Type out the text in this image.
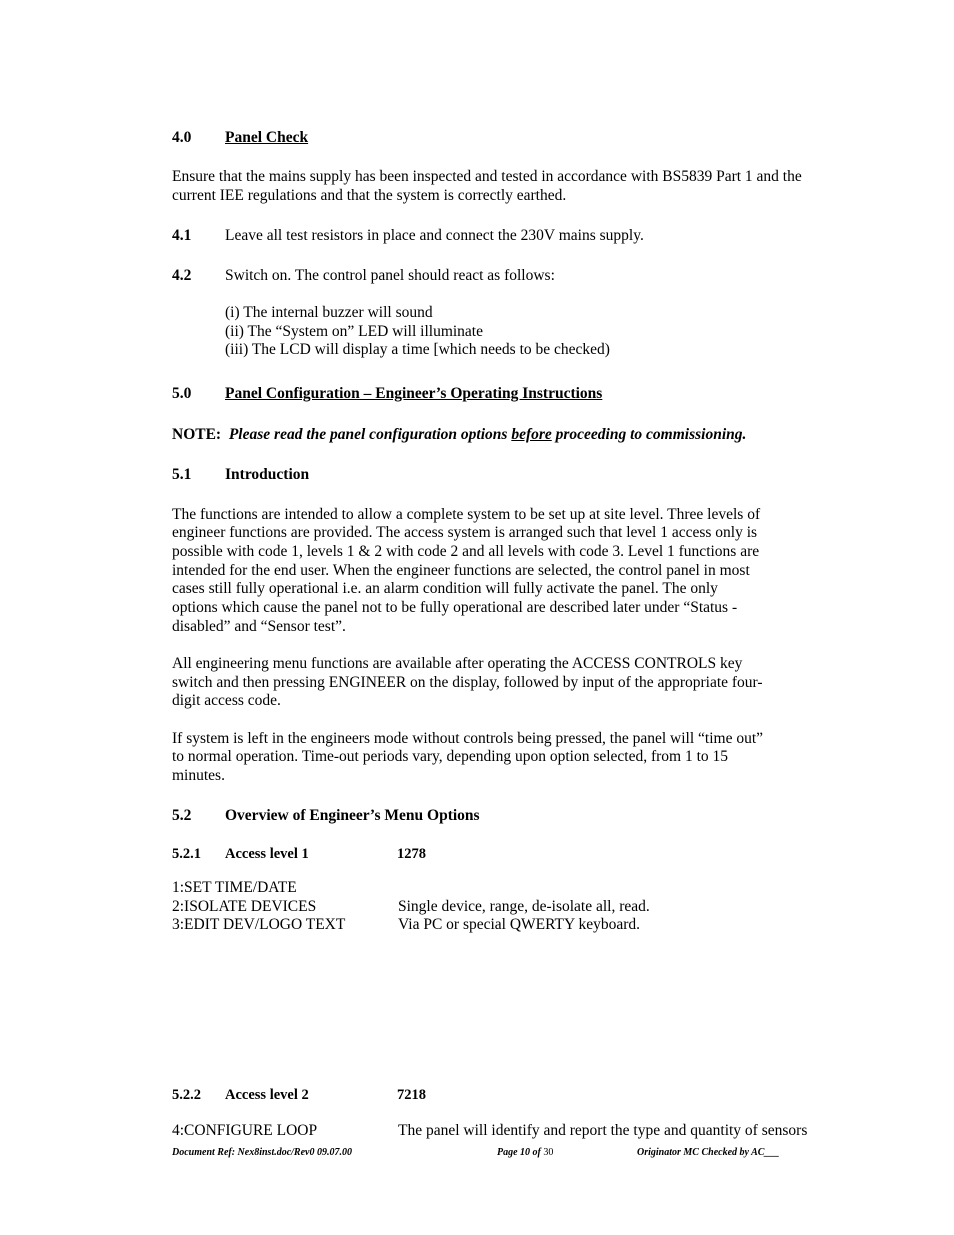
4.0 Panel Check
Ensure that the mains supply has been inspected and tested in accordance with BS5839 Part 1 and the current IEE regulations and that the system is correctly earthed.
4.1 Leave all test resistors in place and connect the 230V mains supply.
4.2 Switch on. The control panel should react as follows:
(i) The internal buzzer will sound
(ii) The “System on” LED will illuminate
(iii) The LCD will display a time [which needs to be checked)
5.0 Panel Configuration – Engineer’s Operating Instructions
NOTE: Please read the panel configuration options before proceeding to commissioning.
5.1 Introduction
The functions are intended to allow a complete system to be set up at site level. Three levels of
engineer functions are provided. The access system is arranged such that level 1 access only is
possible with code 1, levels 1 & 2 with code 2 and all levels with code 3. Level 1 functions are
intended for the end user. When the engineer functions are selected, the control panel in most
cases still fully operational i.e. an alarm condition will fully activate the panel. The only
options which cause the panel not to be fully operational are described later under “Status -
disabled” and “Sensor test”.
All engineering menu functions are available after operating the ACCESS CONTROLS key
switch and then pressing ENGINEER on the display, followed by input of the appropriate four-
digit access code.
If system is left in the engineers mode without controls being pressed, the panel will “time out”
to normal operation. Time-out periods vary, depending upon option selected, from 1 to 15
minutes.
5.2 Overview of Engineer’s Menu Options
5.2.1 Access level 1	1278
1:SET TIME/DATE
2:ISOLATE DEVICES	Single device, range, de-isolate all, read.
3:EDIT DEV/LOGO TEXT	Via PC or special QWERTY keyboard.
5.2.2 Access level 2	7218
4:CONFIGURE LOOP	The panel will identify and report the type and quantity of sensors
Document Ref: Nex8inst.doc/Rev0 09.07.00	Page 10 of 30	Originator MC Checked by AC___
